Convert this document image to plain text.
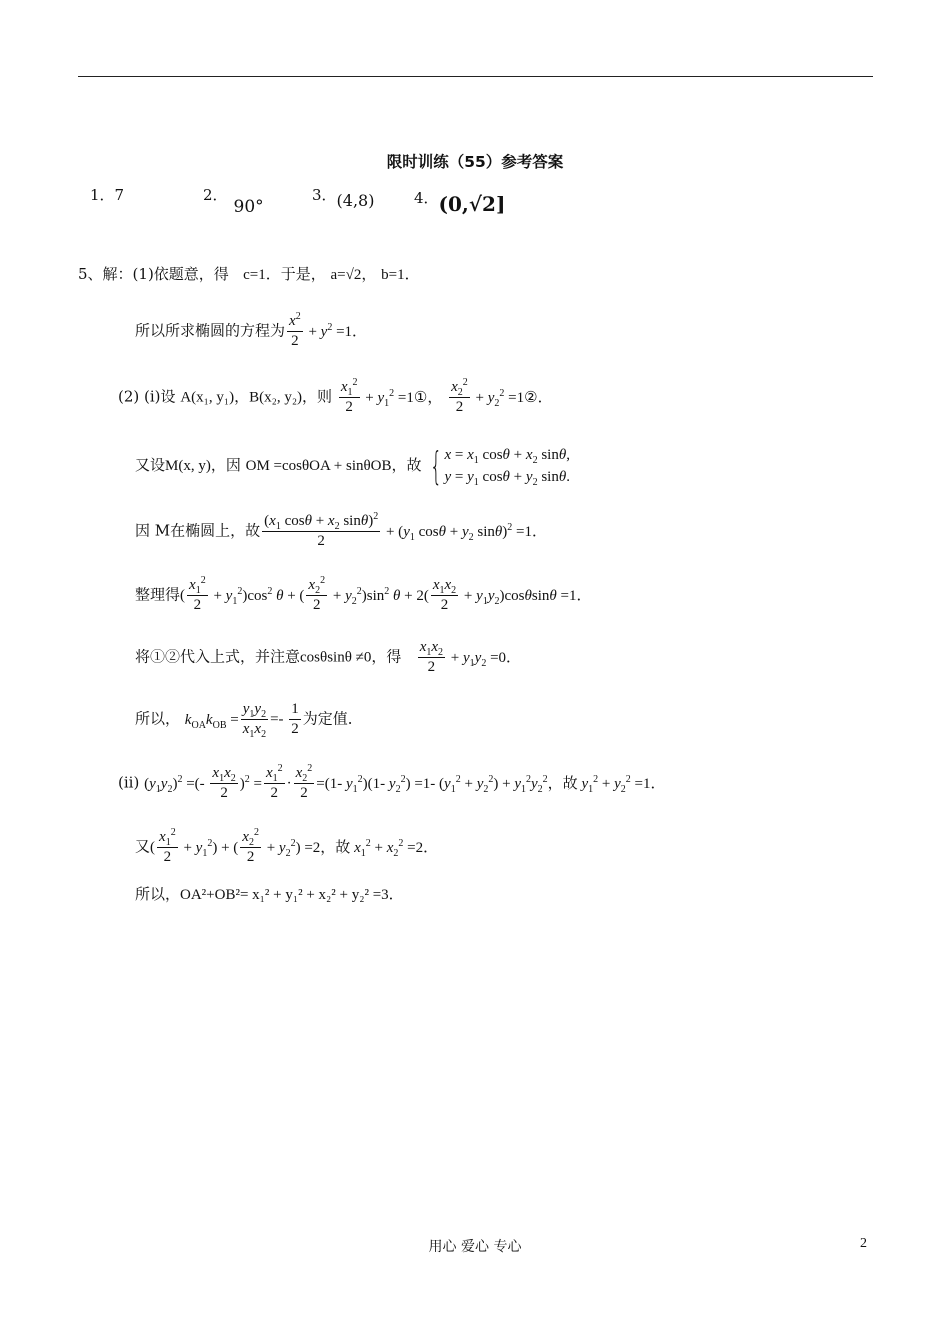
限时训练（55）参考答案
1．7	2．90°
3．(4,8)	4．(0,√2]
5、解：(1)依题意，得 c=1．于是， a=√2， b=1．
所以所求椭圆的方程为 $\frac{x^2}{2} + y^2 =1$．
(2) (i)设 A(x₁, y₁)，B(x₂, y₂)，则 $\frac{x_1^2}{2} + y_1^2$ =1①， $\frac{x_2^2}{2} + y_2^2$ =1②．
又设M(x, y)，因 OM =cosθOA + sinθOB，故 { $x = x_1$ $\cos\theta + x_2$ sinθ,
$y = y_1$ $\cos\theta + y_2$ sinθ.
因 M在椭圆上，故 $\frac{(x_1 \cos\theta + x_2 \sin\theta)^2}{2} + (y_1$ $\cos\theta + y_2$ sinθ)$^2$ =1．
整理得( $\frac{x_1^2}{2} + y_1^2)\cos^2$ θ + ( $\frac{x_2^2}{2} + y_2^2)\sin^2$ $\theta + 2( \frac{x_1x_2}{2} + y_1y_2)\cos\theta\sin\theta =1$．
将①②代入上式，并注意cosθsinθ ≠0，得 $\frac{x_1x_2}{2} + y_1y_2 =0$．
所以， $k_{OA}k_{OB} = \frac{y_1y_2}{x_1x_2} =- \frac{1}{2}$ 为定值．
(ii) $(y_1y_2)^2$ =(- $\frac{x_1x_2}{2} )^2 = \frac{x_1^2}{2} \cdot \frac{x_2^2}{2} =(1-$ $y_1^2)(1-$ $y_2^2) =1-$ $(y_1^2 + y_2^2) + y_1^2y_2^2$，故 $y_1^2 + y_2^2 =1$．
又( $\frac{x_1^2}{2} + y_1^2$) + ( $\frac{x_2^2}{2} + y_2^2) =2$，故 $x_1^2 + x_2^2 =2$．
所以，OA²+OB²= x₁² + y₁² + x₂² + y₂² =3．
用心 爱心 专心	2
